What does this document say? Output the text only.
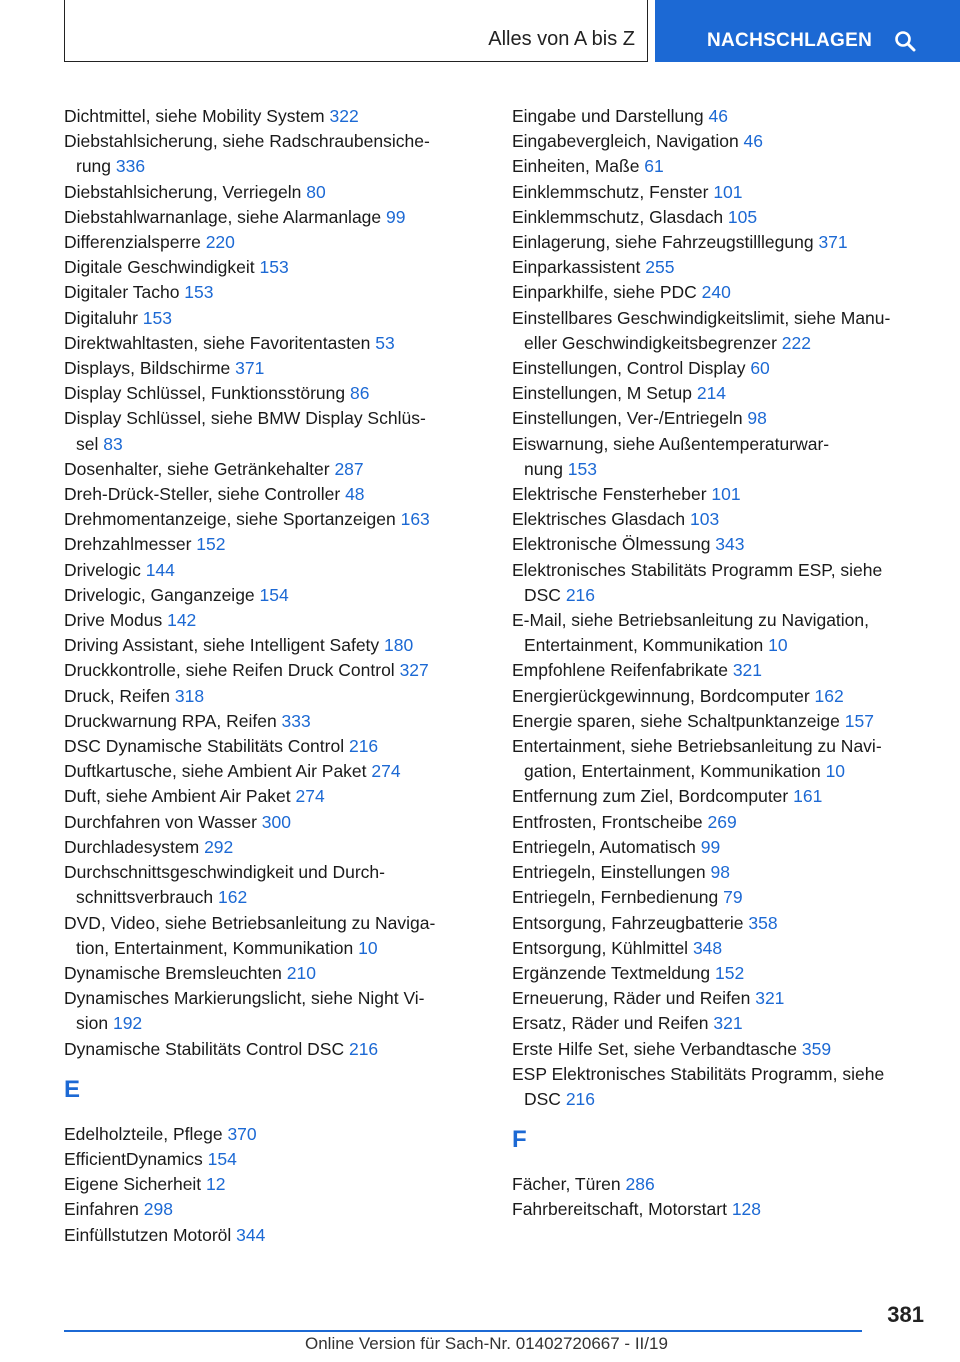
Alles von A bis Z	NACHSCHLAGEN
Dichtmittel, siehe Mobility System 322
Diebstahlsicherung, siehe Radschraubensiche-
rung 336
Diebstahlsicherung, Verriegeln 80
Diebstahlwarnanlage, siehe Alarmanlage 99
Differenzialsperre 220
Digitale Geschwindigkeit 153
Digitaler Tacho 153
Digitaluhr 153
Direktwahltasten, siehe Favoritentasten 53
Displays, Bildschirme 371
Display Schlüssel, Funktionsstörung 86
Display Schlüssel, siehe BMW Display Schlüs-
sel 83
Dosenhalter, siehe Getränkehalter 287
Dreh-Drück-Steller, siehe Controller 48
Drehmomentanzeige, siehe Sportanzeigen 163
Drehzahlmesser 152
Drivelogic 144
Drivelogic, Ganganzeige 154
Drive Modus 142
Driving Assistant, siehe Intelligent Safety 180
Druckkontrolle, siehe Reifen Druck Control 327
Druck, Reifen 318
Druckwarnung RPA, Reifen 333
DSC Dynamische Stabilitäts Control 216
Duftkartusche, siehe Ambient Air Paket 274
Duft, siehe Ambient Air Paket 274
Durchfahren von Wasser 300
Durchladesystem 292
Durchschnittsgeschwindigkeit und Durch-
schnittsverbrauch 162
DVD, Video, siehe Betriebsanleitung zu Naviga-
tion, Entertainment, Kommunikation 10
Dynamische Bremsleuchten 210
Dynamisches Markierungslicht, siehe Night Vi-
sion 192
Dynamische Stabilitäts Control DSC 216
E
Edelholzteile, Pflege 370
EfficientDynamics 154
Eigene Sicherheit 12
Einfahren 298
Einfüllstutzen Motoröl 344
Eingabe und Darstellung 46
Eingabevergleich, Navigation 46
Einheiten, Maße 61
Einklemmschutz, Fenster 101
Einklemmschutz, Glasdach 105
Einlagerung, siehe Fahrzeugstilllegung 371
Einparkassistent 255
Einparkhilfe, siehe PDC 240
Einstellbares Geschwindigkeitslimit, siehe Manu-
eller Geschwindigkeitsbegrenzer 222
Einstellungen, Control Display 60
Einstellungen, M Setup 214
Einstellungen, Ver-/Entriegeln 98
Eiswarnung, siehe Außentemperaturwar-
nung 153
Elektrische Fensterheber 101
Elektrisches Glasdach 103
Elektronische Ölmessung 343
Elektronisches Stabilitäts Programm ESP, siehe
DSC 216
E-Mail, siehe Betriebsanleitung zu Navigation,
Entertainment, Kommunikation 10
Empfohlene Reifenfabrikate 321
Energierückgewinnung, Bordcomputer 162
Energie sparen, siehe Schaltpunktanzeige 157
Entertainment, siehe Betriebsanleitung zu Navi-
gation, Entertainment, Kommunikation 10
Entfernung zum Ziel, Bordcomputer 161
Entfrosten, Frontscheibe 269
Entriegeln, Automatisch 99
Entriegeln, Einstellungen 98
Entriegeln, Fernbedienung 79
Entsorgung, Fahrzeugbatterie 358
Entsorgung, Kühlmittel 348
Ergänzende Textmeldung 152
Erneuerung, Räder und Reifen 321
Ersatz, Räder und Reifen 321
Erste Hilfe Set, siehe Verbandtasche 359
ESP Elektronisches Stabilitäts Programm, siehe
DSC 216
F
Fächer, Türen 286
Fahrbereitschaft, Motorstart 128
381
Online Version für Sach-Nr. 01402720667 - II/19
